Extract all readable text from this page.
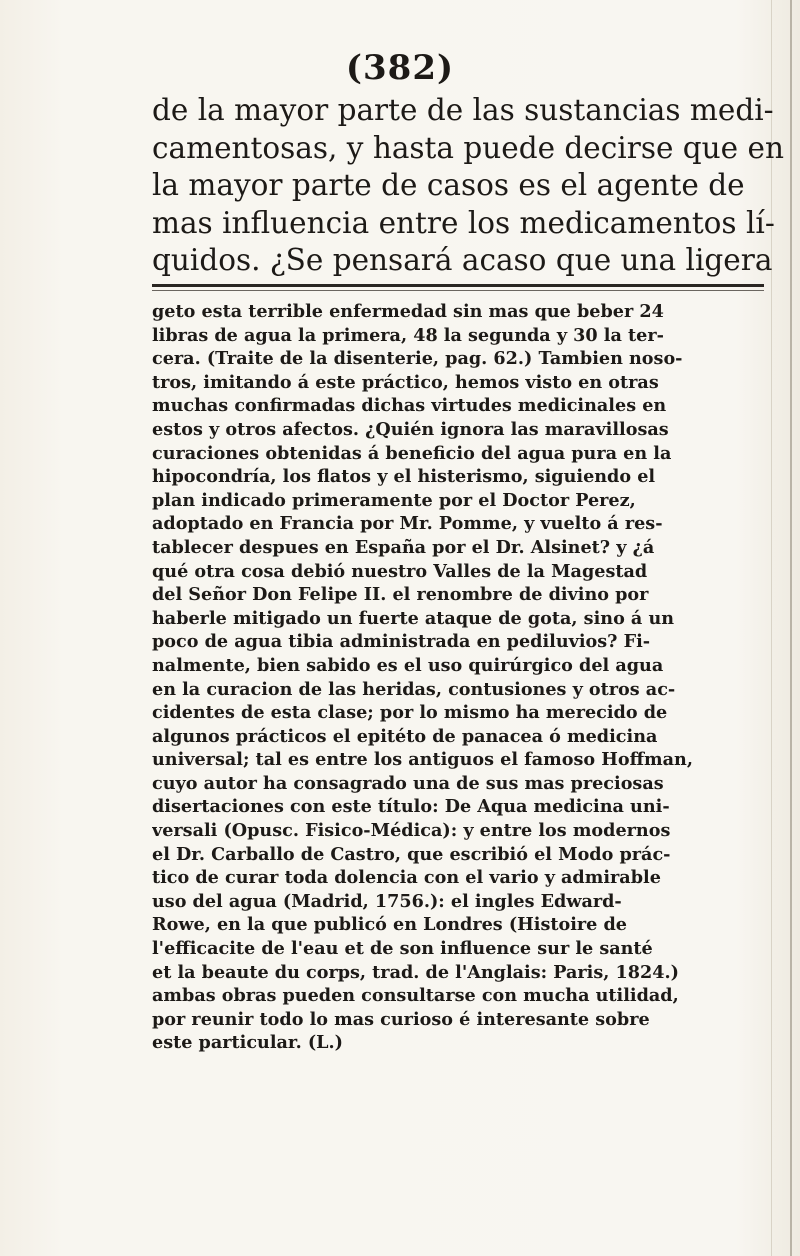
(382)
de la mayor parte de las sustancias medi-
camentosas, y hasta puede decirse que en
la mayor parte de casos es el agente de
mas influencia entre los medicamentos lí-
quidos. ¿Se pensará acaso que una ligera
geto esta terrible enfermedad sin mas que beber 24
libras de agua la primera, 48 la segunda y 30 la ter-
cera. (Traite de la disenterie, pag. 62.) Tambien noso-
tros, imitando á este práctico, hemos visto en otras
muchas confirmadas dichas virtudes medicinales en
estos y otros afectos. ¿Quién ignora las maravillosas
curaciones obtenidas á beneficio del agua pura en la
hipocondría, los flatos y el histerismo, siguiendo el
plan indicado primeramente por el Doctor Perez,
adoptado en Francia por Mr. Pomme, y vuelto á res-
tablecer despues en España por el Dr. Alsinet? y ¿á
qué otra cosa debió nuestro Valles de la Magestad
del Señor Don Felipe II. el renombre de divino por
haberle mitigado un fuerte ataque de gota, sino á un
poco de agua tibia administrada en pediluvios? Fi-
nalmente, bien sabido es el uso quirúrgico del agua
en la curacion de las heridas, contusiones y otros ac-
cidentes de esta clase; por lo mismo ha merecido de
algunos prácticos el epitéto de panacea ó medicina
universal; tal es entre los antiguos el famoso Hoffman,
cuyo autor ha consagrado una de sus mas preciosas
disertaciones con este título: De Aqua medicina uni-
versali (Opusc. Fisico-Médica): y entre los modernos
el Dr. Carballo de Castro, que escribió el Modo prác-
tico de curar toda dolencia con el vario y admirable
uso del agua (Madrid, 1756.): el ingles Edward-
Rowe, en la que publicó en Londres (Histoire de
l'efficacite de l'eau et de son influence sur le santé
et la beaute du corps, trad. de l'Anglais: Paris, 1824.)
ambas obras pueden consultarse con mucha utilidad,
por reunir todo lo mas curioso é interesante sobre
este particular. (L.)
